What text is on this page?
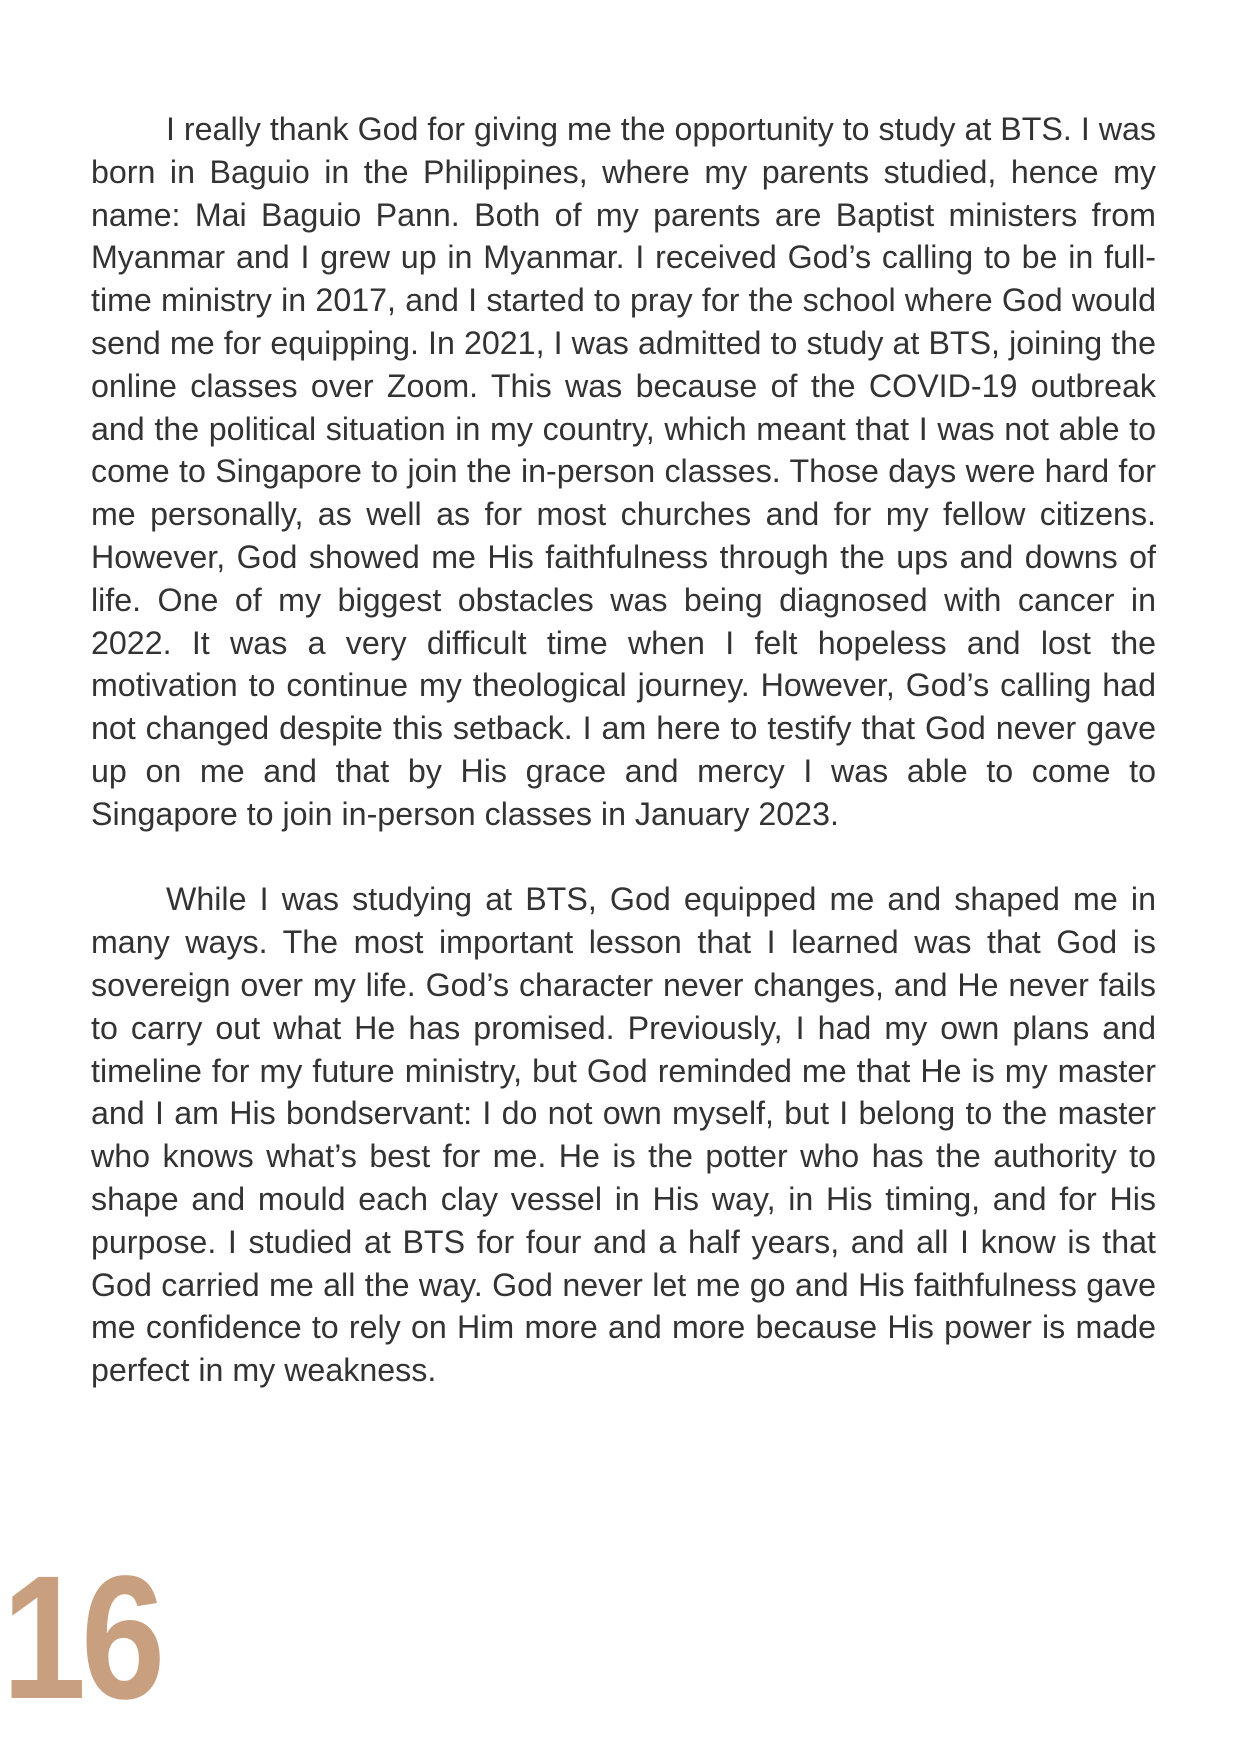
I really thank God for giving me the opportunity to study at BTS. I was born in Baguio in the Philippines, where my parents studied, hence my name: Mai Baguio Pann. Both of my parents are Baptist ministers from Myanmar and I grew up in Myanmar. I received God’s calling to be in full-time ministry in 2017, and I started to pray for the school where God would send me for equipping. In 2021, I was admitted to study at BTS, joining the online classes over Zoom. This was because of the COVID-19 outbreak and the political situation in my country, which meant that I was not able to come to Singapore to join the in-person classes. Those days were hard for me personally, as well as for most churches and for my fellow citizens. However, God showed me His faithfulness through the ups and downs of life. One of my biggest obstacles was being diagnosed with cancer in 2022. It was a very difficult time when I felt hopeless and lost the motivation to continue my theological journey. However, God’s calling had not changed despite this setback. I am here to testify that God never gave up on me and that by His grace and mercy I was able to come to Singapore to join in-person classes in January 2023.

While I was studying at BTS, God equipped me and shaped me in many ways. The most important lesson that I learned was that God is sovereign over my life. God’s character never changes, and He never fails to carry out what He has promised. Previously, I had my own plans and timeline for my future ministry, but God reminded me that He is my master and I am His bondservant: I do not own myself, but I belong to the master who knows what’s best for me. He is the potter who has the authority to shape and mould each clay vessel in His way, in His timing, and for His purpose. I studied at BTS for four and a half years, and all I know is that God carried me all the way. God never let me go and His faithfulness gave me confidence to rely on Him more and more because His power is made perfect in my weakness.

16
